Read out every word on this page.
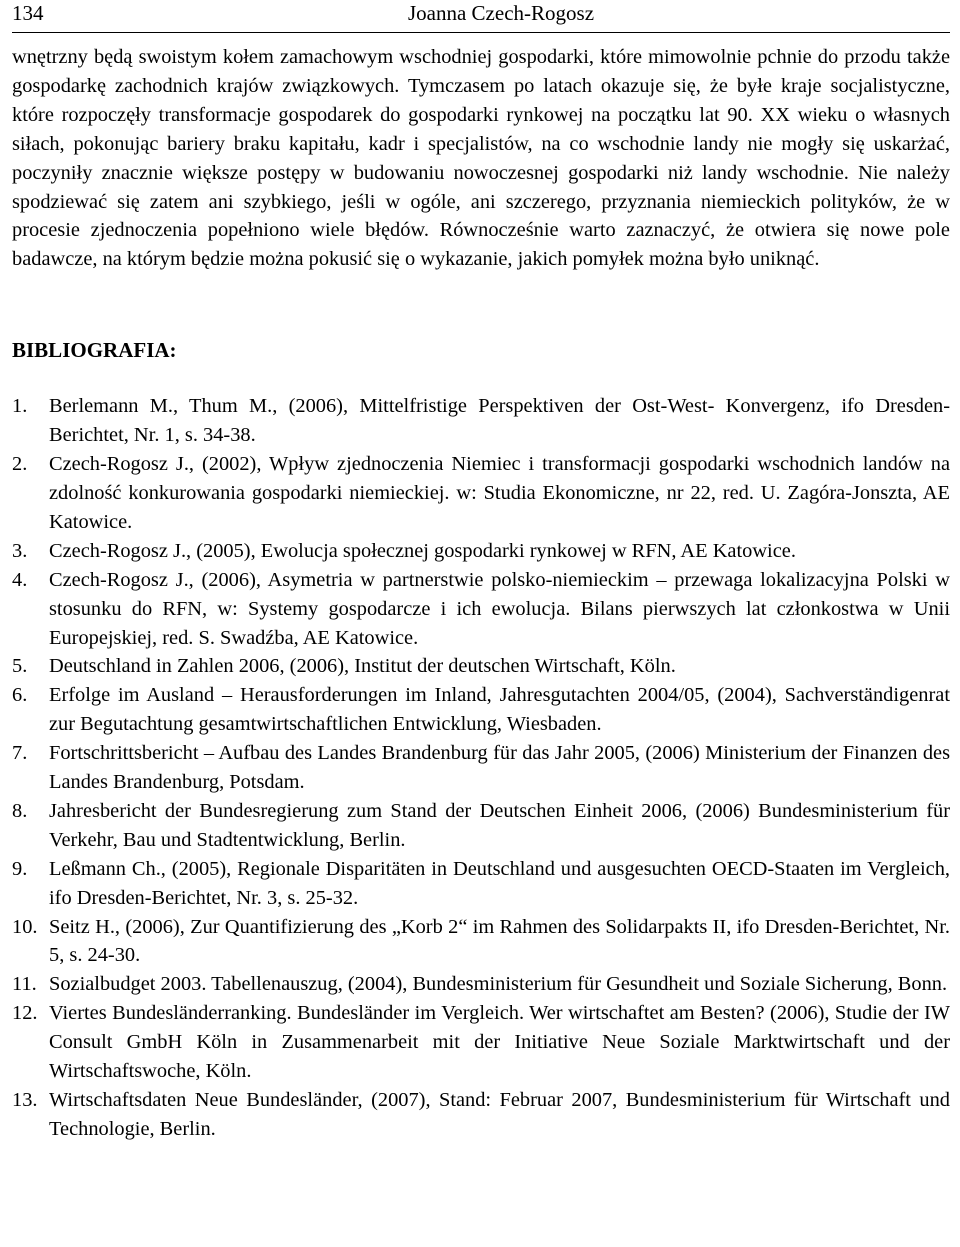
134	Joanna Czech-Rogosz

wnętrzny będą swoistym kołem zamachowym wschodniej gospodarki, które mimowolnie pchnie do przodu także gospodarkę zachodnich krajów związkowych. Tymczasem po latach okazuje się, że byłe kraje socjalistyczne, które rozpoczęły transformacje gospodarek do gospodarki rynkowej na początku lat 90. XX wieku o własnych siłach, pokonując bariery braku kapitału, kadr i specjalistów, na co wschodnie landy nie mogły się uskarżać, poczyniły znacznie większe postępy w budowaniu nowoczesnej gospodarki niż landy wschodnie. Nie należy spodziewać się zatem ani szybkiego, jeśli w ogóle, ani szczerego, przyznania niemieckich polityków, że w procesie zjednoczenia popełniono wiele błędów. Równocześnie warto zaznaczyć, że otwiera się nowe pole badawcze, na którym będzie można pokusić się o wykazanie, jakich pomyłek można było uniknąć.

BIBLIOGRAFIA:
1. Berlemann M., Thum M., (2006), Mittelfristige Perspektiven der Ost-West- Konvergenz, ifo Dresden-Berichtet, Nr. 1, s. 34-38.
2. Czech-Rogosz J., (2002), Wpływ zjednoczenia Niemiec i transformacji gospodarki wschodnich landów na zdolność konkurowania gospodarki niemieckiej. w: Studia Ekonomiczne, nr 22, red. U. Zagóra-Jonszta, AE Katowice.
3. Czech-Rogosz J., (2005), Ewolucja społecznej gospodarki rynkowej w RFN, AE Katowice.
4. Czech-Rogosz J., (2006), Asymetria w partnerstwie polsko-niemieckim – przewaga lokalizacyjna Polski w stosunku do RFN, w: Systemy gospodarcze i ich ewolucja. Bilans pierwszych lat członkostwa w Unii Europejskiej, red. S. Swadźba, AE Katowice.
5. Deutschland in Zahlen 2006, (2006), Institut der deutschen Wirtschaft, Köln.
6. Erfolge im Ausland – Herausforderungen im Inland, Jahresgutachten 2004/05, (2004), Sachverständigenrat zur Begutachtung gesamtwirtschaftlichen Entwicklung, Wiesbaden.
7. Fortschrittsbericht – Aufbau des Landes Brandenburg für das Jahr 2005, (2006) Ministerium der Finanzen des Landes Brandenburg, Potsdam.
8. Jahresbericht der Bundesregierung zum Stand der Deutschen Einheit 2006, (2006) Bundesministerium für Verkehr, Bau und Stadtentwicklung, Berlin.
9. Leßmann Ch., (2005), Regionale Disparitäten in Deutschland und ausgesuchten OECD-Staaten im Vergleich, ifo Dresden-Berichtet, Nr. 3, s. 25-32.
10. Seitz H., (2006), Zur Quantifizierung des „Korb 2“ im Rahmen des Solidarpakts II, ifo Dresden-Berichtet, Nr. 5, s. 24-30.
11. Sozialbudget 2003. Tabellenauszug, (2004), Bundesministerium für Gesundheit und Soziale Sicherung, Bonn.
12. Viertes Bundesländerranking. Bundesländer im Vergleich. Wer wirtschaftet am Besten? (2006), Studie der IW Consult GmbH Köln in Zusammenarbeit mit der Initiative Neue Soziale Marktwirtschaft und der Wirtschaftswoche, Köln.
13. Wirtschaftsdaten Neue Bundesländer, (2007), Stand: Februar 2007, Bundesministerium für Wirtschaft und Technologie, Berlin.
